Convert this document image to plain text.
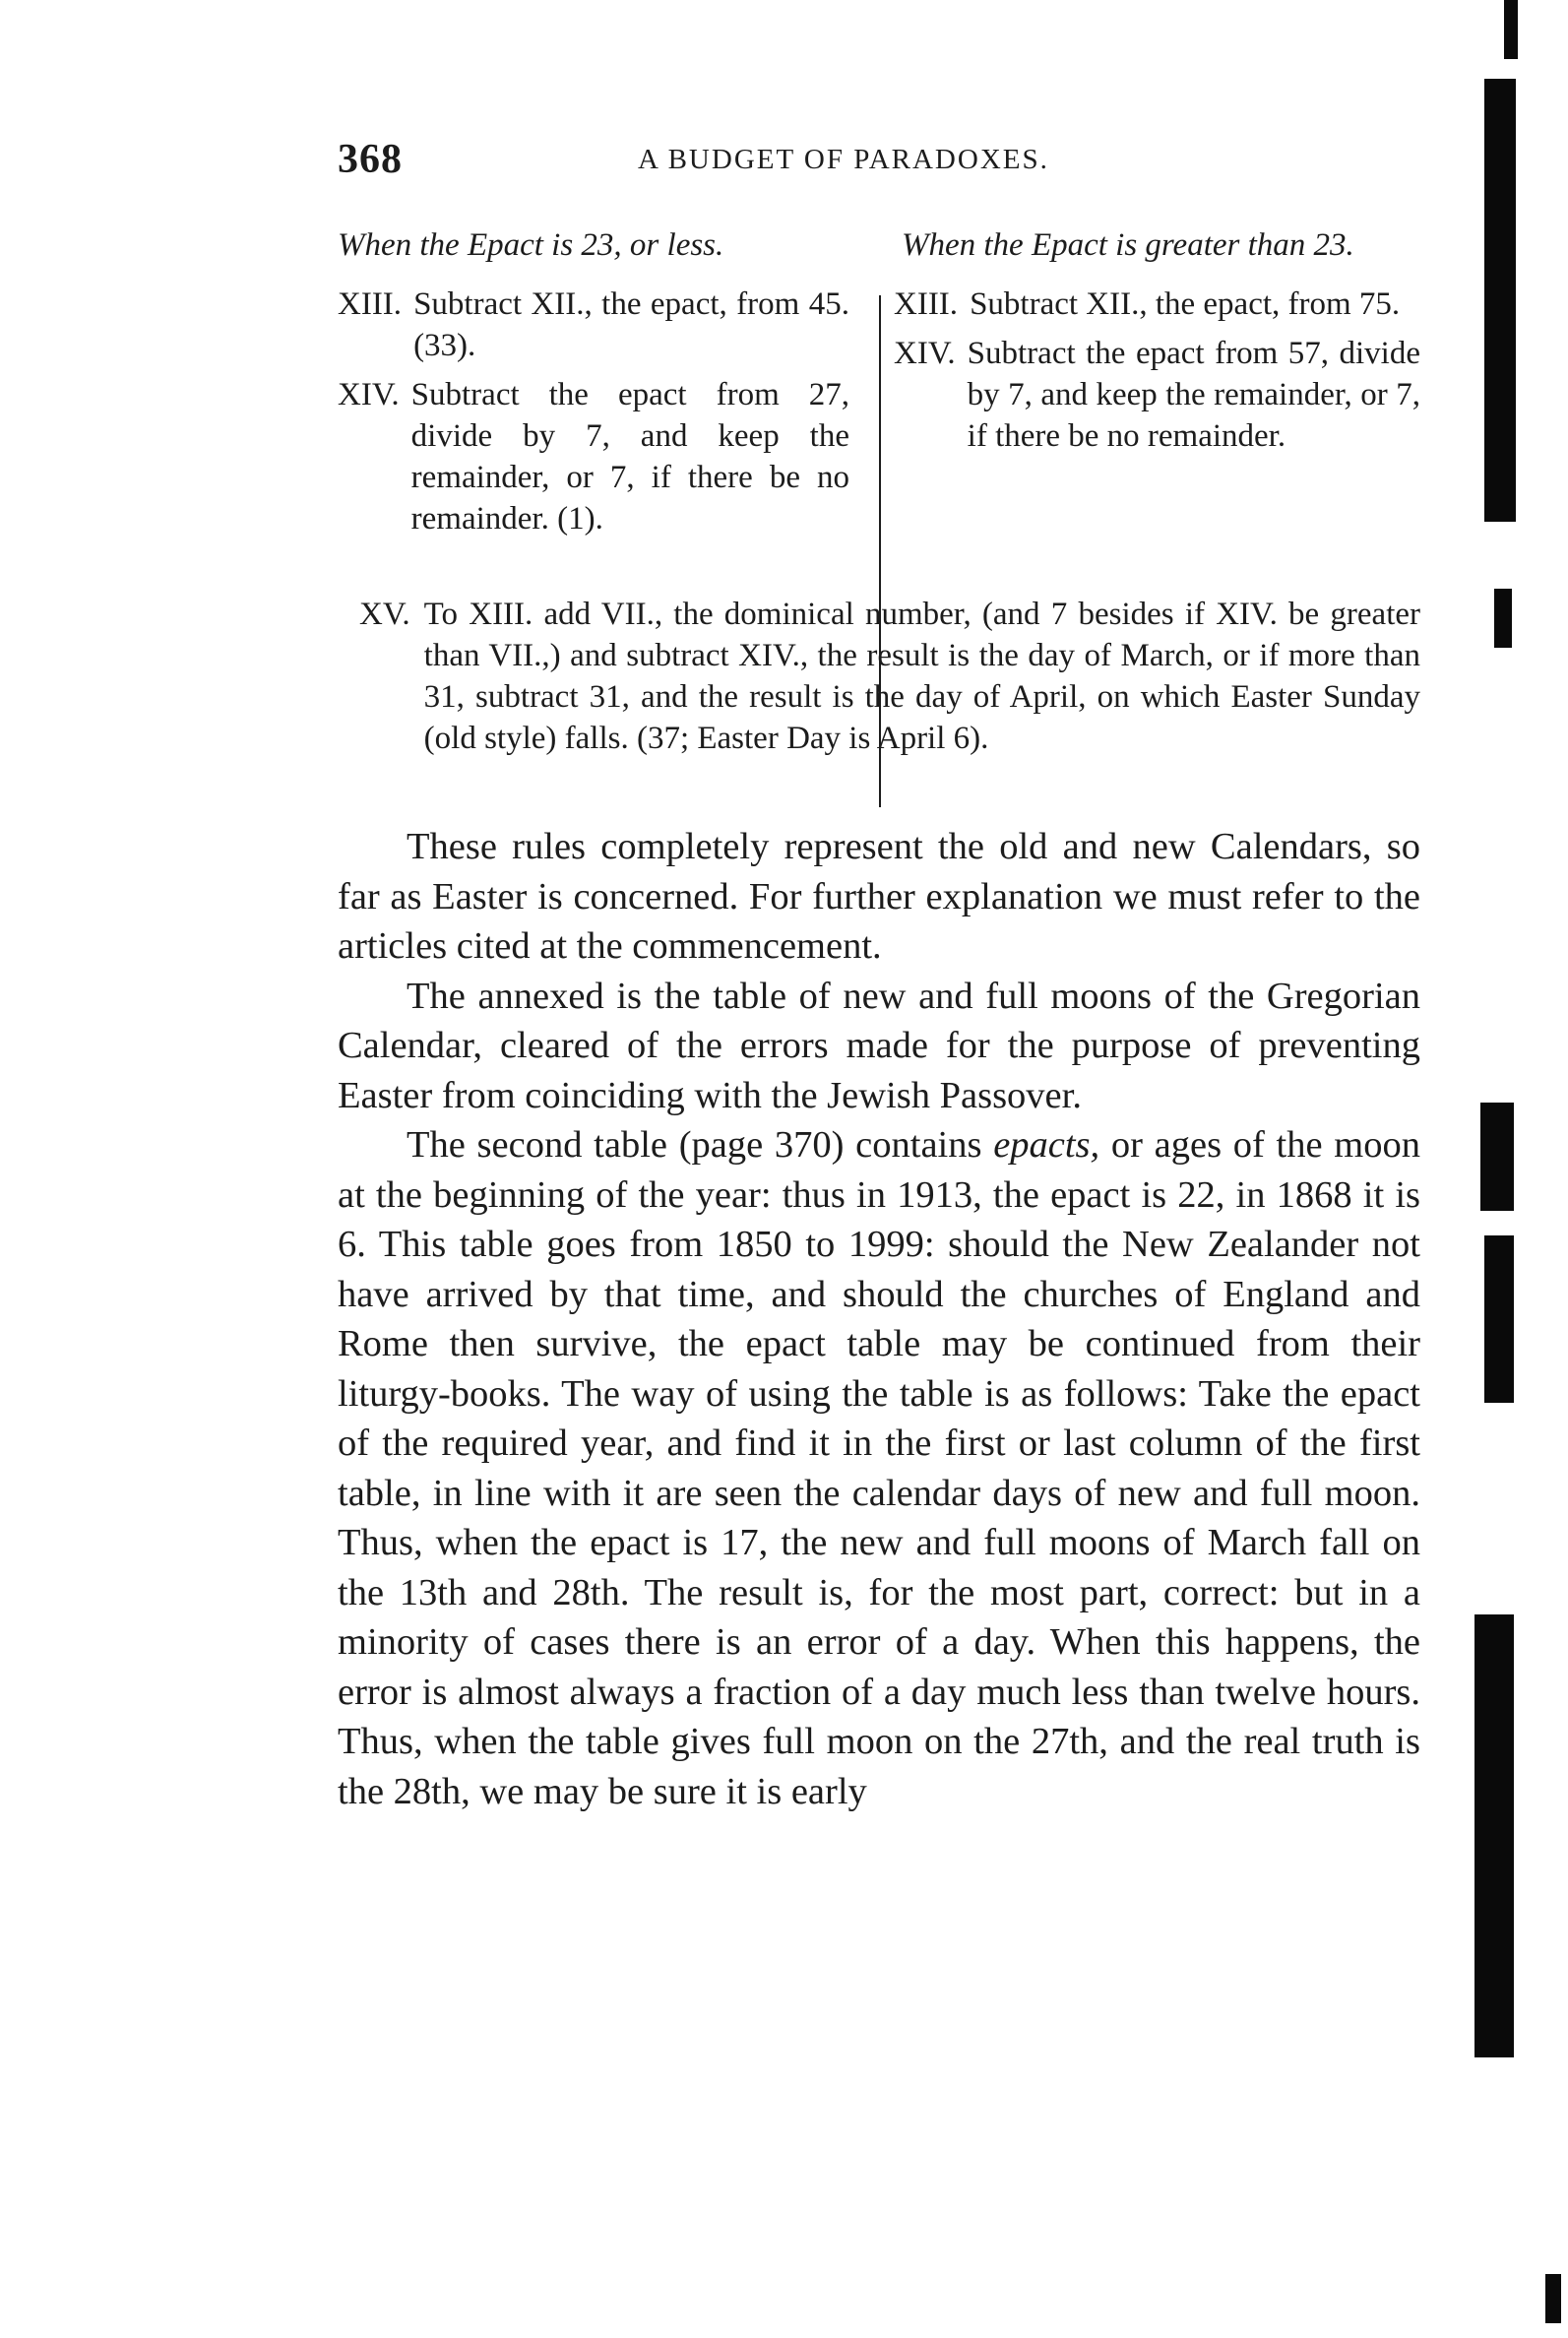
368	A BUDGET OF PARADOXES.
When the Epact is 23, or less.
XIII. Subtract XII., the epact, from 45. (33).
XIV. Subtract the epact from 27, divide by 7, and keep the remainder, or 7, if there be no remainder. (1).
When the Epact is greater than 23.
XIII. Subtract XII., the epact, from 75.
XIV. Subtract the epact from 57, divide by 7, and keep the remainder, or 7, if there be no remainder.
XV. To XIII. add VII., the dominical number, (and 7 besides if XIV. be greater than VII.,) and subtract XIV., the result is the day of March, or if more than 31, subtract 31, and the result is the day of April, on which Easter Sunday (old style) falls. (37; Easter Day is April 6).

These rules completely represent the old and new Calendars, so far as Easter is concerned. For further explanation we must refer to the articles cited at the commencement.

The annexed is the table of new and full moons of the Gregorian Calendar, cleared of the errors made for the purpose of preventing Easter from coinciding with the Jewish Passover.

The second table (page 370) contains epacts, or ages of the moon at the beginning of the year: thus in 1913, the epact is 22, in 1868 it is 6. This table goes from 1850 to 1999: should the New Zealander not have arrived by that time, and should the churches of England and Rome then survive, the epact table may be continued from their liturgy-books. The way of using the table is as follows: Take the epact of the required year, and find it in the first or last column of the first table, in line with it are seen the calendar days of new and full moon. Thus, when the epact is 17, the new and full moons of March fall on the 13th and 28th. The result is, for the most part, correct: but in a minority of cases there is an error of a day. When this happens, the error is almost always a fraction of a day much less than twelve hours. Thus, when the table gives full moon on the 27th, and the real truth is the 28th, we may be sure it is early
